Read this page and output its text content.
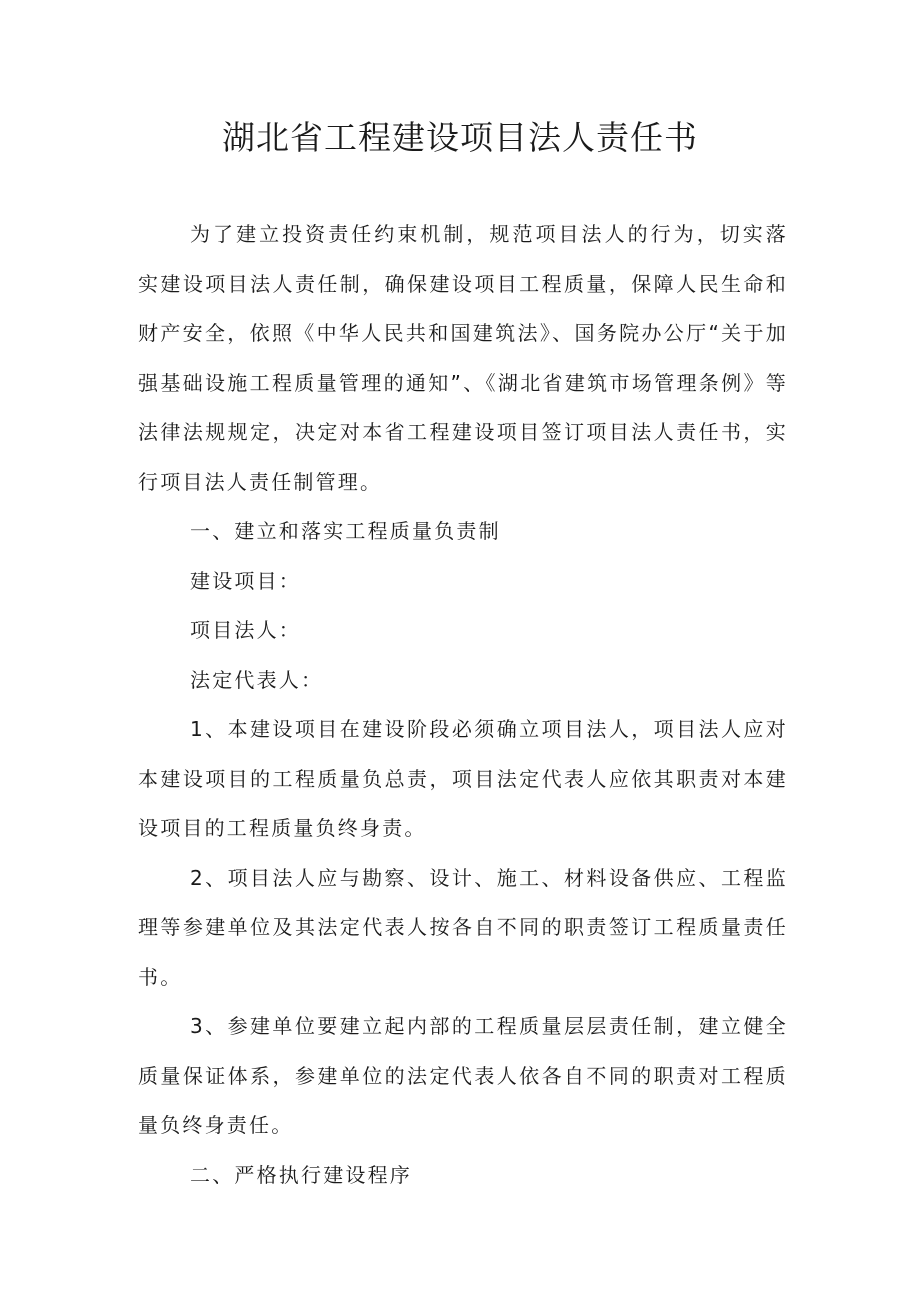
湖北省工程建设项目法人责任书

为了建立投资责任约束机制，规范项目法人的行为，切实落实建设项目法人责任制，确保建设项目工程质量，保障人民生命和财产安全，依照《中华人民共和国建筑法》、国务院办公厅“关于加强基础设施工程质量管理的通知”、《湖北省建筑市场管理条例》等法律法规规定，决定对本省工程建设项目签订项目法人责任书，实行项目法人责任制管理。

一、建立和落实工程质量负责制

建设项目：

项目法人：

法定代表人：

1、本建设项目在建设阶段必须确立项目法人，项目法人应对本建设项目的工程质量负总责，项目法定代表人应依其职责对本建设项目的工程质量负终身责。

2、项目法人应与勘察、设计、施工、材料设备供应、工程监理等参建单位及其法定代表人按各自不同的职责签订工程质量责任书。

3、参建单位要建立起内部的工程质量层层责任制，建立健全质量保证体系，参建单位的法定代表人依各自不同的职责对工程质量负终身责任。

二、严格执行建设程序
